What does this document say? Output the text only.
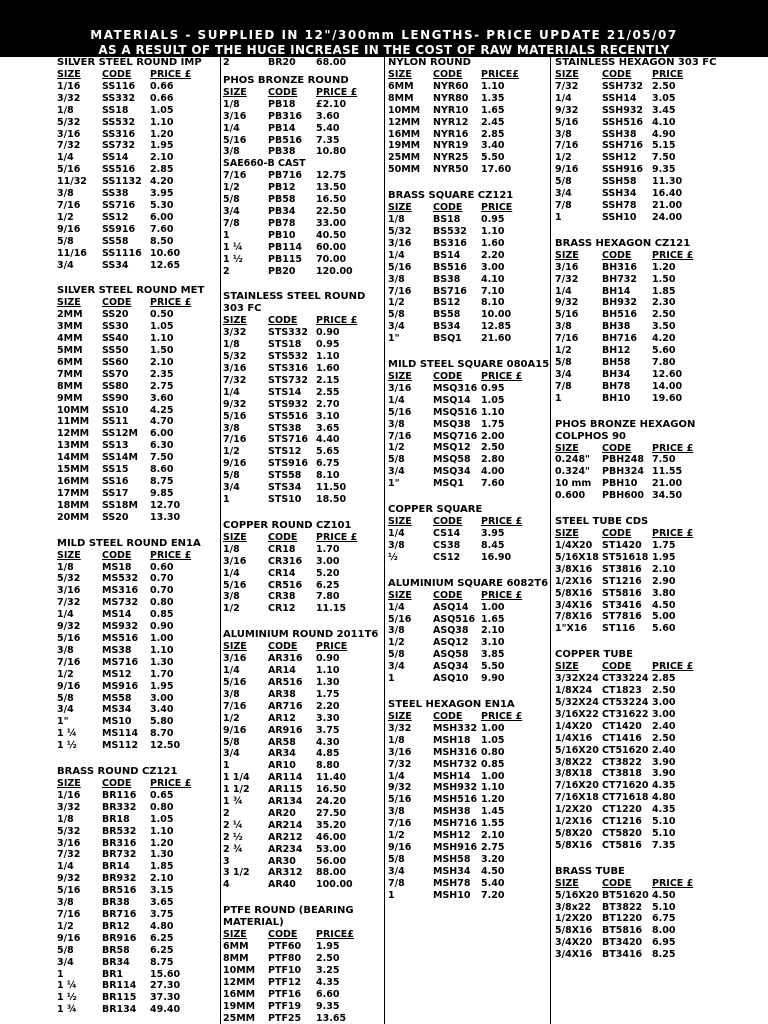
MATERIALS - SUPPLIED IN 12"/300mm LENGTHS- PRICE UPDATE 21/05/07
AS A RESULT OF THE HUGE INCREASE IN THE COST OF RAW MATERIALS RECENTLY
SILVER STEEL ROUND IMP
SIZE	CODE	PRICE £
1/16	SS116	0.66
3/32	SS332	0.66
1/8	SS18	1.05
5/32	SS532	1.10
3/16	SS316	1.20
7/32	SS732	1.95
1/4	SS14	2.10
5/16	SS516	2.85
11/32	SS1132 4.20
3/8	SS38	3.95
7/16	SS716	5.30
1/2	SS12	6.00
9/16	SS916	7.60
5/8	SS58	8.50
11/16	SS1116 10.60
3/4	SS34	12.65
SILVER STEEL ROUND MET
SIZE	CODE	PRICE £
2MM	SS20	0.50
3MM	SS30	1.05
4MM	SS40	1.10
5MM	SS50	1.50
6MM	SS60	2.10
7MM	SS70	2.35
8MM	SS80	2.75
9MM	SS90	3.60
10MM	SS10	4.25
11MM	SS11	4.70
12MM	SS12M	6.00
13MM	SS13	6.30
14MM	SS14M	7.50
15MM	SS15	8.60
16MM	SS16	8.75
17MM	SS17	9.85
18MM	SS18M	12.70
20MM	SS20	13.30
MILD STEEL ROUND EN1A
SIZE	CODE	PRICE £
1/8	MS18	0.60
5/32	MS532	0.70
3/16	MS316	0.70
7/32	MS732	0.80
1/4	MS14	0.85
9/32	MS932	0.90
5/16	MS516	1.00
3/8	MS38	1.10
7/16	MS716	1.30
1/2	MS12	1.70
9/16	MS916	1.95
5/8	MS58	3.00
3/4	MS34	3.40
1"	MS10	5.80
1 ¼	MS114	8.70
1 ½	MS112	12.50
BRASS ROUND CZ121
SIZE	CODE	PRICE £
1/16	BR116	0.65
3/32	BR332	0.80
1/8	BR18	1.05
5/32	BR532	1.10
3/16	BR316	1.20
7/32	BR732	1.30
1/4	BR14	1.85
9/32	BR932	2.10
5/16	BR516	3.15
3/8	BR38	3.65
7/16	BR716	3.75
1/2	BR12	4.80
9/16	BR916	6.25
5/8	BR58	6.25
3/4	BR34	8.75
1	BR1	15.60
1 ¼	BR114	27.30
1 ½	BR115	37.30
1 ¾	BR134	49.40
2	BR20	68.00
PHOS BRONZE ROUND
SIZE	CODE	PRICE £
1/8	PB18	£2.10
3/16	PB316	3.60
1/4	PB14	5.40
5/16	PB516	7.35
3/8	PB38	10.80
SAE660-B CAST
7/16	PB716	12.75
1/2	PB12	13.50
5/8	PB58	16.50
3/4	PB34	22.50
7/8	PB78	33.00
1	PB10	40.50
1 ¼	PB114	60.00
1 ½	PB115	70.00
2	PB20	120.00
STAINLESS STEEL ROUND 303 FC
SIZE	CODE	PRICE £
3/32	STS332 0.90
1/8	STS18	0.95
5/32	STS532 1.10
3/16	STS316 1.60
7/32	STS732 2.15
1/4	STS14	2.55
9/32	STS932 2.70
5/16	STS516 3.10
3/8	STS38	3.65
7/16	STS716 4.40
1/2	STS12	5.65
9/16	STS916 6.75
5/8	STS58	8.10
3/4	STS34	11.50
1	STS10	18.50
COPPER ROUND CZ101
SIZE	CODE	PRICE £
1/8	CR18	1.70
3/16	CR316	3.00
1/4	CR14	5.20
5/16	CR516	6.25
3/8	CR38	7.80
1/2	CR12	11.15
ALUMINIUM ROUND 2011T6
SIZE	CODE	PRICE
3/16	AR316	0.90
1/4	AR14	1.10
5/16	AR516	1.30
3/8	AR38	1.75
7/16	AR716	2.20
1/2	AR12	3.30
9/16	AR916	3.75
5/8	AR58	4.30
3/4	AR34	4.85
1	AR10	8.80
1 1/4	AR114	11.40
1 1/2	AR115	16.50
1 ¾	AR134	24.20
2	AR20	27.50
2 ¼	AR214	35.20
2 ½	AR212	46.00
2 ¾	AR234	53.00
3	AR30	56.00
3 1/2	AR312	88.00
4	AR40	100.00
PTFE ROUND (BEARING MATERIAL)
SIZE	CODE	PRICE£
6MM	PTF60	1.95
8MM	PTF80	2.50
10MM	PTF10	3.25
12MM	PTF12	4.35
16MM	PTF16	6.60
19MM	PTF19	9.35
25MM	PTF25	13.65
NYLON ROUND
SIZE	CODE	PRICE£
6MM	NYR60	1.10
8MM	NYR80	1.35
10MM	NYR10	1.65
12MM	NYR12	2.45
16MM	NYR16	2.85
19MM	NYR19	3.40
25MM	NYR25	5.50
50MM	NYR50	17.60
BRASS SQUARE CZ121
SIZE	CODE	PRICE
1/8	BS18	0.95
5/32	BS532	1.10
3/16	BS316	1.60
1/4	BS14	2.20
5/16	BS516	3.00
3/8	BS38	4.10
7/16	BS716	7.10
1/2	BS12	8.10
5/8	BS58	10.00
3/4	BS34	12.85
1"	BSQ1	21.60
MILD STEEL SQUARE 080A15
SIZE	CODE	PRICE £
3/16	MSQ316 0.95
1/4	MSQ14	1.05
5/16	MSQ516 1.10
3/8	MSQ38	1.75
7/16	MSQ716 2.00
1/2	MSQ12	2.50
5/8	MSQ58	2.80
3/4	MSQ34	4.00
1"	MSQ1	7.60
COPPER SQUARE
SIZE	CODE	PRICE £
1/4	CS14	3.95
3/8	CS38	8.45
½	CS12	16.90
ALUMINIUM SQUARE 6082T6
SIZE	CODE	PRICE £
1/4	ASQ14	1.00
5/16	ASQ516 1.65
3/8	ASQ38	2.10
1/2	ASQ12	3.10
5/8	ASQ58	3.85
3/4	ASQ34	5.50
1	ASQ10	9.90
STEEL HEXAGON EN1A
SIZE	CODE	PRICE £
3/32	MSH332 1.00
1/8	MSH18	1.05
3/16	MSH316 0.80
7/32	MSH732 0.85
1/4	MSH14	1.00
9/32	MSH932 1.10
5/16	MSH516 1.20
3/8	MSH38	1.45
7/16	MSH716 1.55
1/2	MSH12	2.10
9/16	MSH916 2.75
5/8	MSH58	3.20
3/4	MSH34	4.50
7/8	MSH78	5.40
1	MSH10	7.20
STAINLESS HEXAGON 303 FC
SIZE	CODE	PRICE
7/32	SSH732 2.50
1/4	SSH14	3.05
9/32	SSH932 3.45
5/16	SSH516 4.10
3/8	SSH38	4.90
7/16	SSH716 5.15
1/2	SSH12	7.50
9/16	SSH916 9.35
5/8	SSH58	11.30
3/4	SSH34	16.40
7/8	SSH78	21.00
1	SSH10	24.00
BRASS HEXAGON CZ121
SIZE	CODE	PRICE £
3/16	BH316	1.20
7/32	BH732	1.50
1/4	BH14	1.85
9/32	BH932	2.30
5/16	BH516	2.50
3/8	BH38	3.50
7/16	BH716	4.20
1/2	BH12	5.60
5/8	BH58	7.80
3/4	BH34	12.60
7/8	BH78	14.00
1	BH10	19.60
PHOS BRONZE HEXAGON COLPHOS 90
SIZE	CODE	PRICE £
0.248"	PBH248 7.50
0.324"	PBH324 11.55
10 mm	PBH10	21.00
0.600	PBH600 34.50
STEEL TUBE CDS
SIZE	CODE	PRICE £
1/4X20	ST1420	1.75
5/16X18 ST51618 1.95
3/8X16	ST3816	2.10
1/2X16	ST1216	2.90
5/8X16	ST5816	3.80
3/4X16	ST3416	4.50
7/8X16	ST7816	5.00
1"X16	ST116	5.60
COPPER TUBE
SIZE	CODE	PRICE £
3/32X24 CT33224 2.85
1/8X24	CT1823	2.50
5/32X24 CT53224 3.00
3/16X22 CT31622 3.00
1/4X20	CT1420	2.40
1/4X16	CT1416	2.50
5/16X20 CT51620 2.40
3/8X22	CT3822	3.90
3/8X18	CT3818	3.90
7/16X20 CT71620 4.35
7/16X18 CT71618 4.80
1/2X20	CT1220	4.35
1/2X16	CT1216	5.10
5/8X20	CT5820	5.10
5/8X16	CT5816	7.35
BRASS TUBE
SIZE	CODE	PRICE £
5/16X20 BT51620 4.50
3/8x22	BT3822	5.10
1/2X20	BT1220	6.75
5/8X16	BT5816	8.00
3/4X20	BT3420	6.95
3/4X16	BT3416	8.25
